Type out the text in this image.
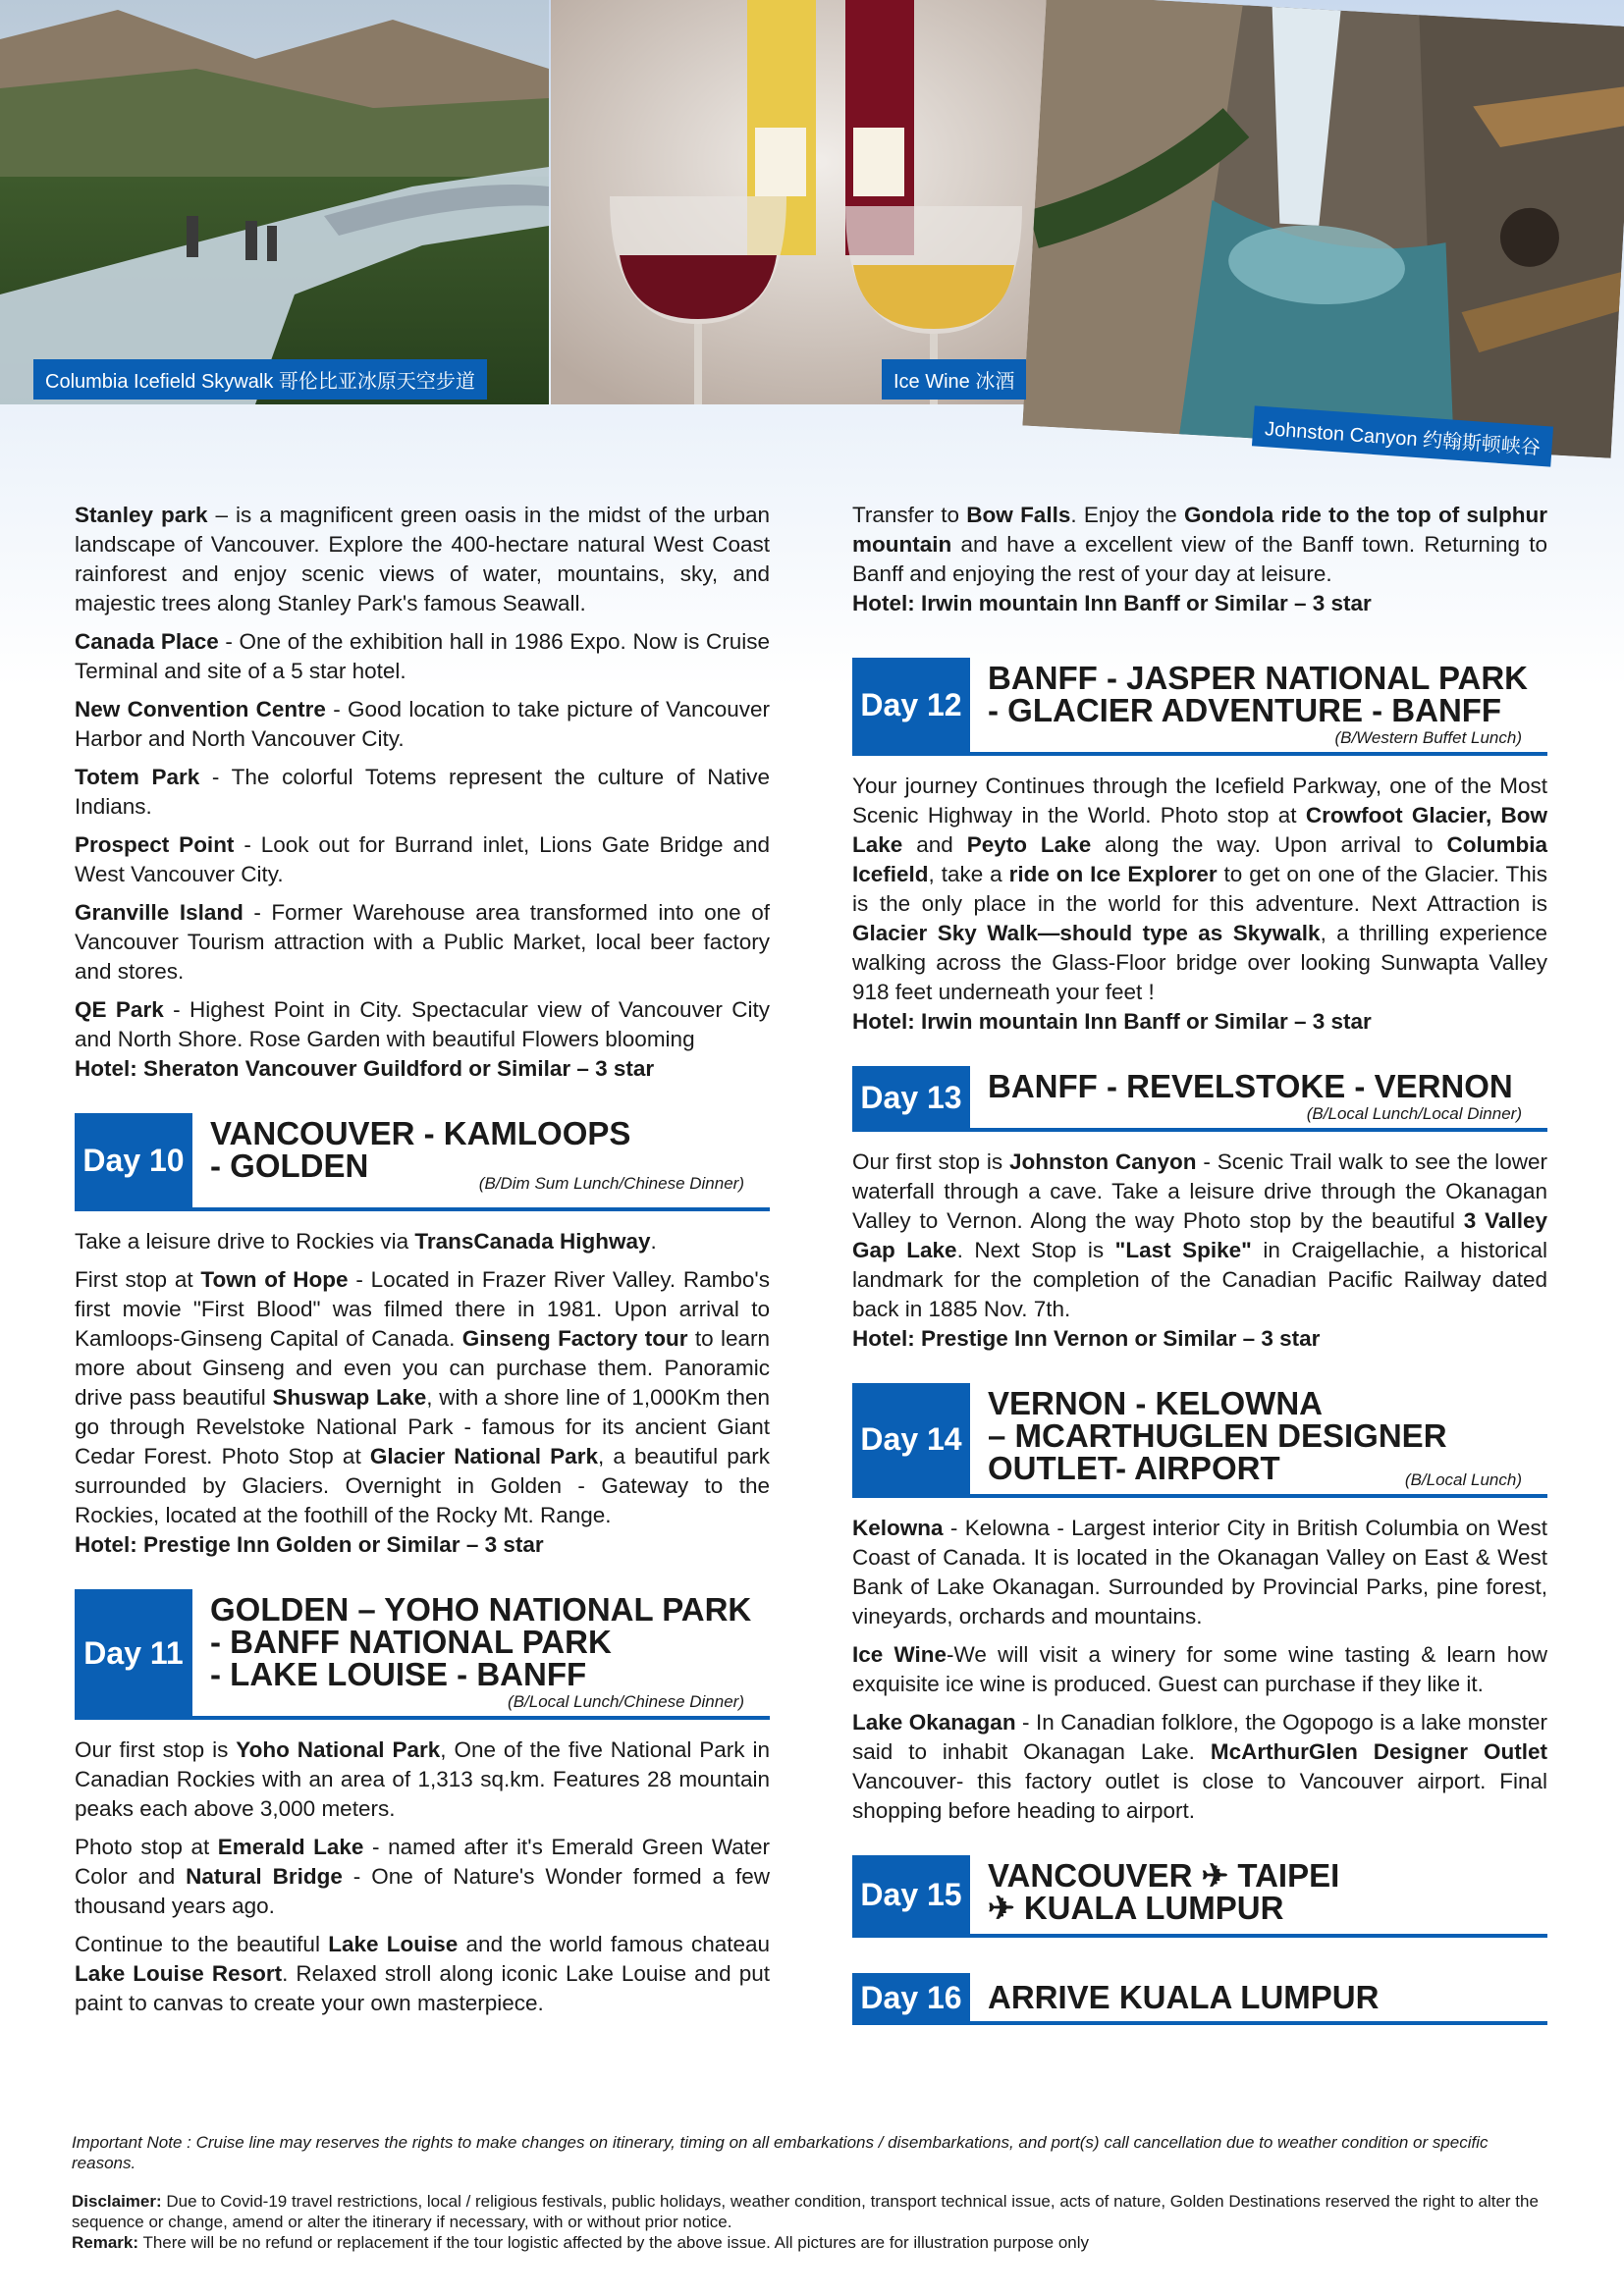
Columbia Icefield Skywalk 哥伦比亚冰原天空步道	Ice Wine 冰酒
Johnston Canyon 约翰斯顿峡谷

Stanley park – is a magnificent green oasis in the midst of the urban landscape of Vancouver. Explore the 400-hectare natural West Coast rainforest and enjoy scenic views of water, mountains, sky, and majestic trees along Stanley Park's famous Seawall.

Canada Place - One of the exhibition hall in 1986 Expo. Now is Cruise Terminal and site of a 5 star hotel.

New Convention Centre - Good location to take picture of Vancouver Harbor and North Vancouver City.

Totem Park - The colorful Totems represent the culture of Native Indians.

Prospect Point - Look out for Burrand inlet, Lions Gate Bridge and West Vancouver City.

Granville Island - Former Warehouse area transformed into one of Vancouver Tourism attraction with a Public Market, local beer factory and stores.

QE Park - Highest Point in City. Spectacular view of Vancouver City and North Shore. Rose Garden with beautiful Flowers blooming

Hotel: Sheraton Vancouver Guildford or Similar – 3 star

Day 10
VANCOUVER - KAMLOOPS
- GOLDEN	(B/Dim Sum Lunch/Chinese Dinner)

Take a leisure drive to Rockies via TransCanada Highway.

First stop at Town of Hope - Located in Frazer River Valley. Rambo's first movie "First Blood" was filmed there in 1981. Upon arrival to Kamloops-Ginseng Capital of Canada. Ginseng Factory tour to learn more about Ginseng and even you can purchase them. Panoramic drive pass beautiful Shuswap Lake, with a shore line of 1,000Km then go through Revelstoke National Park - famous for its ancient Giant Cedar Forest. Photo Stop at Glacier National Park, a beautiful park surrounded by Glaciers. Overnight in Golden - Gateway to the Rockies, located at the foothill of the Rocky Mt. Range.

Hotel: Prestige Inn Golden or Similar – 3 star

Day 11
GOLDEN – YOHO NATIONAL PARK
- BANFF NATIONAL PARK
- LAKE LOUISE - BANFF
(B/Local Lunch/Chinese Dinner)

Our first stop is Yoho National Park, One of the five National Park in Canadian Rockies with an area of 1,313 sq.km. Features 28 mountain peaks each above 3,000 meters.

Photo stop at Emerald Lake - named after it's Emerald Green Water Color and Natural Bridge - One of Nature's Wonder formed a few thousand years ago.

Continue to the beautiful Lake Louise and the world famous chateau Lake Louise Resort. Relaxed stroll along iconic Lake Louise and put paint to canvas to create your own masterpiece.

Transfer to Bow Falls. Enjoy the Gondola ride to the top of sulphur mountain and have a excellent view of the Banff town. Returning to Banff and enjoying the rest of your day at leisure.

Hotel: Irwin mountain Inn Banff or Similar – 3 star

Day 12
BANFF - JASPER NATIONAL PARK
- GLACIER ADVENTURE - BANFF
(B/Western Buffet Lunch)

Your journey Continues through the Icefield Parkway, one of the Most Scenic Highway in the World. Photo stop at Crowfoot Glacier, Bow Lake and Peyto Lake along the way. Upon arrival to Columbia Icefield, take a ride on Ice Explorer to get on one of the Glacier. This is the only place in the world for this adventure. Next Attraction is Glacier Sky Walk—should type as Skywalk, a thrilling experience walking across the Glass-Floor bridge over looking Sunwapta Valley 918 feet underneath your feet !

Hotel: Irwin mountain Inn Banff or Similar – 3 star

Day 13 BANFF - REVELSTOKE - VERNON
(B/Local Lunch/Local Dinner)

Our first stop is Johnston Canyon - Scenic Trail walk to see the lower waterfall through a cave. Take a leisure drive through the Okanagan Valley to Vernon. Along the way Photo stop by the beautiful 3 Valley Gap Lake. Next Stop is "Last Spike" in Craigellachie, a historical landmark for the completion of the Canadian Pacific Railway dated back in 1885 Nov. 7th.

Hotel: Prestige Inn Vernon or Similar – 3 star

Day 14
VERNON - KELOWNA
– MCARTHUGLEN DESIGNER
OUTLET- AIRPORT	(B/Local Lunch)

Kelowna - Kelowna - Largest interior City in British Columbia on West Coast of Canada. It is located in the Okanagan Valley on East & West Bank of Lake Okanagan. Surrounded by Provincial Parks, pine forest, vineyards, orchards and mountains.

Ice Wine-We will visit a winery for some wine tasting & learn how exquisite ice wine is produced. Guest can purchase if they like it.

Lake Okanagan - In Canadian folklore, the Ogopogo is a lake monster said to inhabit Okanagan Lake. McArthurGlen Designer Outlet Vancouver- this factory outlet is close to Vancouver airport. Final shopping before heading to airport.

Day 15
VANCOUVER ✈ TAIPEI
✈ KUALA LUMPUR
Day 16 ARRIVE KUALA LUMPUR

Important Note : Cruise line may reserves the rights to make changes on itinerary, timing on all embarkations / disembarkations, and port(s) call cancellation due to weather condition or specific reasons.

Disclaimer: Due to Covid-19 travel restrictions, local / religious festivals, public holidays, weather condition, transport technical issue, acts of nature, Golden Destinations reserved the right to alter the sequence or change, amend or alter the itinerary if necessary, with or without prior notice.

Remark: There will be no refund or replacement if the tour logistic affected by the above issue. All pictures are for illustration purpose only
